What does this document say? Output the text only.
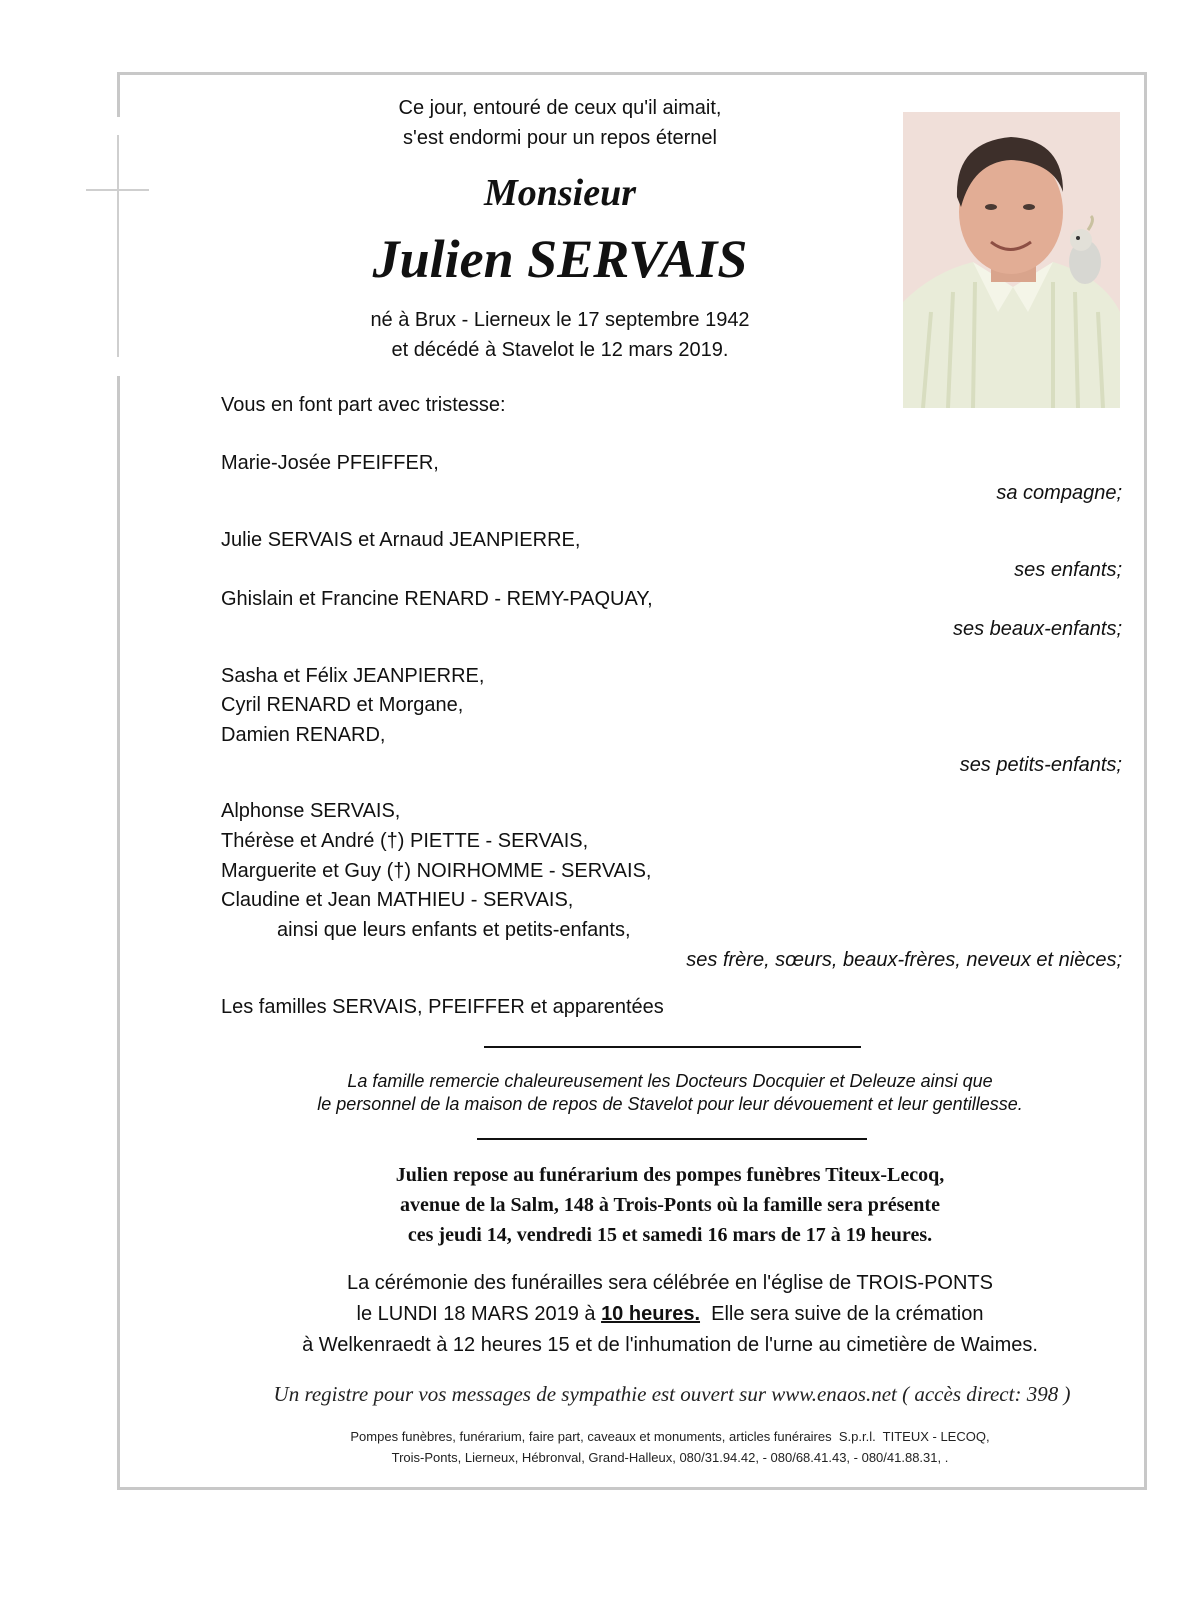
Ce jour, entouré de ceux qu'il aimait,
s'est endormi pour un repos éternel
Monsieur
Julien SERVAIS
né à Brux - Lierneux le 17 septembre 1942
et décédé à Stavelot le 12 mars 2019.
Vous en font part avec tristesse:
Marie-Josée PFEIFFER,
sa compagne;
Julie SERVAIS et Arnaud JEANPIERRE,
ses enfants;
Ghislain et Francine RENARD - REMY-PAQUAY,
ses beaux-enfants;
Sasha et Félix JEANPIERRE,
Cyril RENARD et Morgane,
Damien RENARD,
ses petits-enfants;
Alphonse SERVAIS,
Thérèse et André (†) PIETTE - SERVAIS,
Marguerite et Guy (†) NOIRHOMME - SERVAIS,
Claudine et Jean MATHIEU - SERVAIS,
ainsi que leurs enfants et petits-enfants,
ses frère, sœurs, beaux-frères, neveux et nièces;
Les familles SERVAIS, PFEIFFER et apparentées
La famille remercie chaleureusement les Docteurs Docquier et Deleuze ainsi que
le personnel de la maison de repos de Stavelot pour leur dévouement et leur gentillesse.
Julien repose au funérarium des pompes funèbres Titeux-Lecoq,
avenue de la Salm, 148 à Trois-Ponts où la famille sera présente
ces jeudi 14, vendredi 15 et samedi 16 mars de 17 à 19 heures.
La cérémonie des funérailles sera célébrée en l'église de TROIS-PONTS
le LUNDI 18 MARS 2019 à 10 heures.  Elle sera suive de la crémation
à Welkenraedt à 12 heures 15 et de l'inhumation de l'urne au cimetière de Waimes.
Un registre pour vos messages de sympathie est ouvert sur www.enaos.net ( accès direct: 398 )
Pompes funèbres, funérarium, faire part, caveaux et monuments, articles funéraires  S.p.r.l.  TITEUX - LECOQ,
Trois-Ponts, Lierneux, Hébronval, Grand-Halleux, 080/31.94.42, - 080/68.41.43, - 080/41.88.31, .
